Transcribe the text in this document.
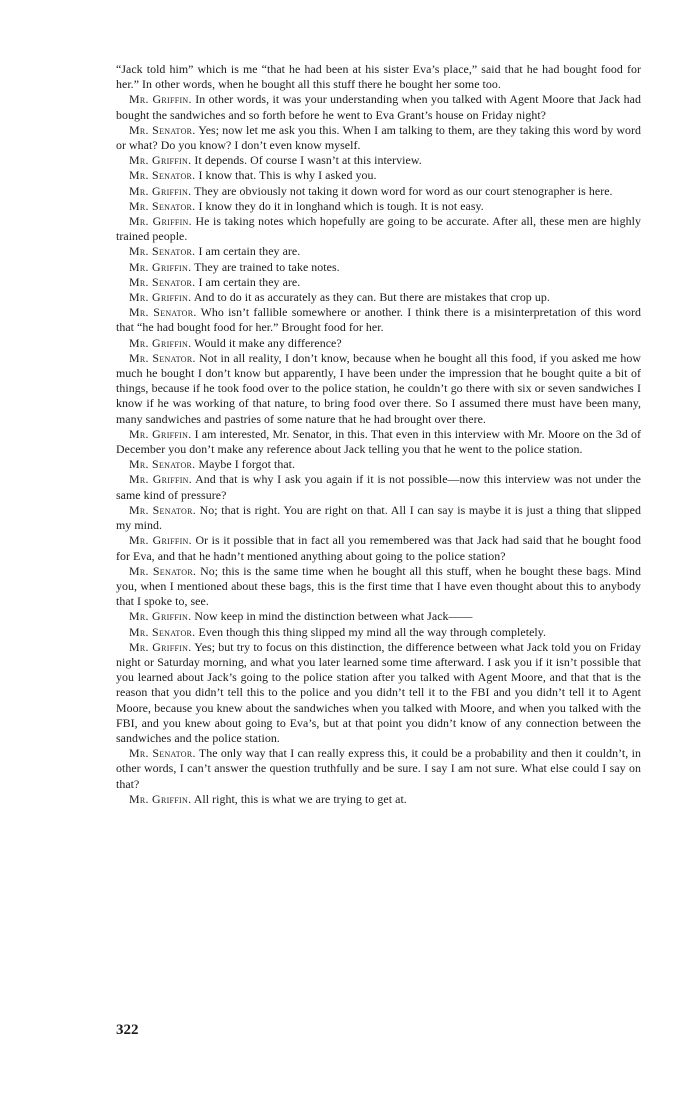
“Jack told him” which is me “that he had been at his sister Eva’s place,” said that he had bought food for her.” In other words, when he bought all this stuff there he bought her some too.

Mr. Griffin. In other words, it was your understanding when you talked with Agent Moore that Jack had bought the sandwiches and so forth before he went to Eva Grant’s house on Friday night?

Mr. Senator. Yes; now let me ask you this. When I am talking to them, are they taking this word by word or what? Do you know? I don’t even know myself.

Mr. Griffin. It depends. Of course I wasn’t at this interview.

Mr. Senator. I know that. This is why I asked you.

Mr. Griffin. They are obviously not taking it down word for word as our court stenographer is here.

Mr. Senator. I know they do it in longhand which is tough. It is not easy.

Mr. Griffin. He is taking notes which hopefully are going to be accurate. After all, these men are highly trained people.

Mr. Senator. I am certain they are.

Mr. Griffin. They are trained to take notes.

Mr. Senator. I am certain they are.

Mr. Griffin. And to do it as accurately as they can. But there are mistakes that crop up.

Mr. Senator. Who isn’t fallible somewhere or another. I think there is a misinterpretation of this word that “he had bought food for her.” Brought food for her.

Mr. Griffin. Would it make any difference?

Mr. Senator. Not in all reality, I don’t know, because when he bought all this food, if you asked me how much he bought I don’t know but apparently, I have been under the impression that he bought quite a bit of things, because if he took food over to the police station, he couldn’t go there with six or seven sandwiches I know if he was working of that nature, to bring food over there. So I assumed there must have been many, many sandwiches and pastries of some nature that he had brought over there.

Mr. Griffin. I am interested, Mr. Senator, in this. That even in this interview with Mr. Moore on the 3d of December you don’t make any reference about Jack telling you that he went to the police station.

Mr. Senator. Maybe I forgot that.

Mr. Griffin. And that is why I ask you again if it is not possible—now this interview was not under the same kind of pressure?

Mr. Senator. No; that is right. You are right on that. All I can say is maybe it is just a thing that slipped my mind.

Mr. Griffin. Or is it possible that in fact all you remembered was that Jack had said that he bought food for Eva, and that he hadn’t mentioned anything about going to the police station?

Mr. Senator. No; this is the same time when he bought all this stuff, when he bought these bags. Mind you, when I mentioned about these bags, this is the first time that I have even thought about this to anybody that I spoke to, see.

Mr. Griffin. Now keep in mind the distinction between what Jack——

Mr. Senator. Even though this thing slipped my mind all the way through completely.

Mr. Griffin. Yes; but try to focus on this distinction, the difference between what Jack told you on Friday night or Saturday morning, and what you later learned some time afterward. I ask you if it isn’t possible that you learned about Jack’s going to the police station after you talked with Agent Moore, and that that is the reason that you didn’t tell this to the police and you didn’t tell it to the FBI and you didn’t tell it to Agent Moore, because you knew about the sandwiches when you talked with Moore, and when you talked with the FBI, and you knew about going to Eva’s, but at that point you didn’t know of any connection between the sandwiches and the police station.

Mr. Senator. The only way that I can really express this, it could be a probability and then it couldn’t, in other words, I can’t answer the question truthfully and be sure. I say I am not sure. What else could I say on that?

Mr. Griffin. All right, this is what we are trying to get at.

322
